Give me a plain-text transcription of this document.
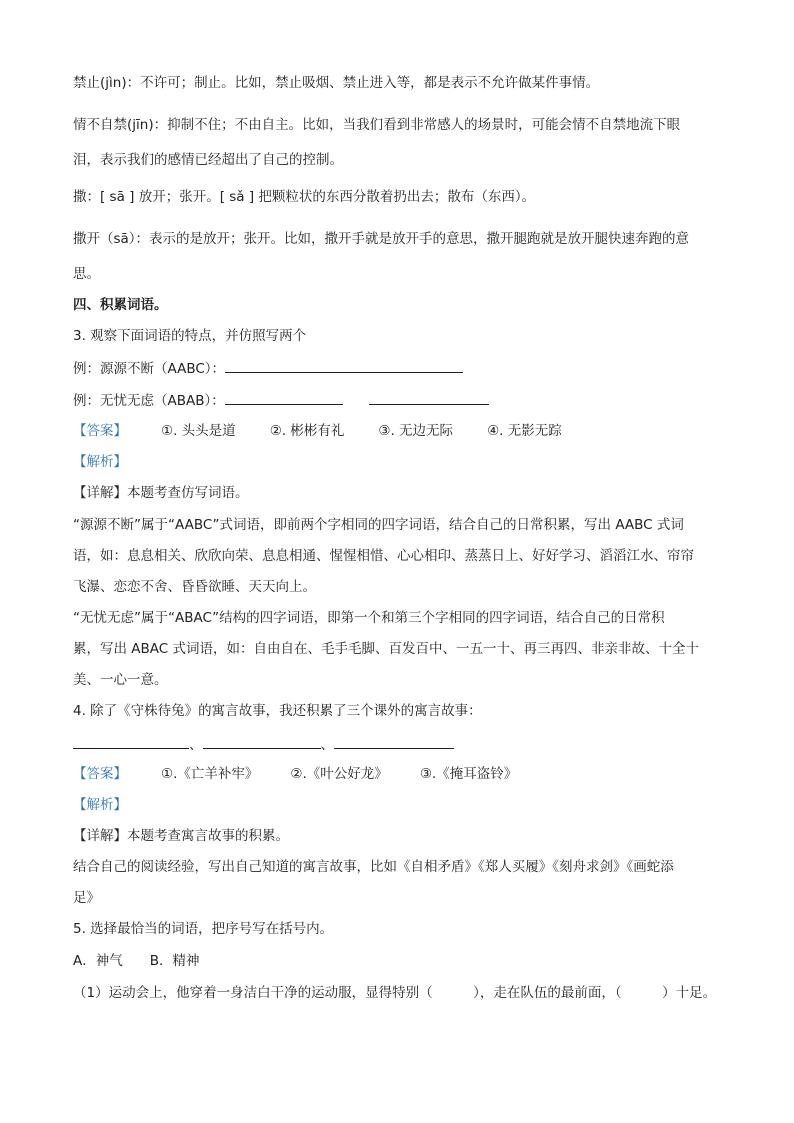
禁止(jìn)：不许可；制止。比如，禁止吸烟、禁止进入等，都是表示不允许做某件事情。
情不自禁(jīn)：抑制不住；不由自主。比如，当我们看到非常感人的场景时，可能会情不自禁地流下眼
泪，表示我们的感情已经超出了自己的控制。
撒：[ sā ] 放开；张开。[ sǎ ] 把颗粒状的东西分散着扔出去；散布（东西）。
撒开（sā）：表示的是放开；张开。比如，撒开手就是放开手的意思，撒开腿跑就是放开腿快速奔跑的意
思。
四、积累词语。
3. 观察下面词语的特点，并仿照写两个
例：源源不断（AABC）：
例：无忧无虑（ABAB）：
【答案】	①. 头头是道	②. 彬彬有礼	③. 无边无际	④. 无影无踪
【解析】
【详解】本题考查仿写词语。
“源源不断”属于“AABC”式词语，即前两个字相同的四字词语，结合自己的日常积累，写出 AABC 式词
语，如：息息相关、欣欣向荣、息息相通、惺惺相惜、心心相印、蒸蒸日上、好好学习、滔滔江水、帘帘
飞瀑、恋恋不舍、昏昏欲睡、天天向上。
“无忧无虑”属于“ABAC”结构的四字词语，即第一个和第三个字相同的四字词语，结合自己的日常积
累，写出 ABAC 式词语，如：自由自在、毛手毛脚、百发百中、一五一十、再三再四、非亲非故、十全十
美、一心一意。
4. 除了《守株待兔》的寓言故事，我还积累了三个课外的寓言故事：
、	、
【答案】	①.《亡羊补牢》 ②.《叶公好龙》 ③.《掩耳盗铃》
【解析】
【详解】本题考查寓言故事的积累。
结合自己的阅读经验，写出自己知道的寓言故事，比如《自相矛盾》《郑人买履》《刻舟求剑》《画蛇添
足》
5. 选择最恰当的词语，把序号写在括号内。
A．神气　　B．精神
（1）运动会上，他穿着一身洁白干净的运动服，显得特别（　　　），走在队伍的最前面，（　　　）十足。
